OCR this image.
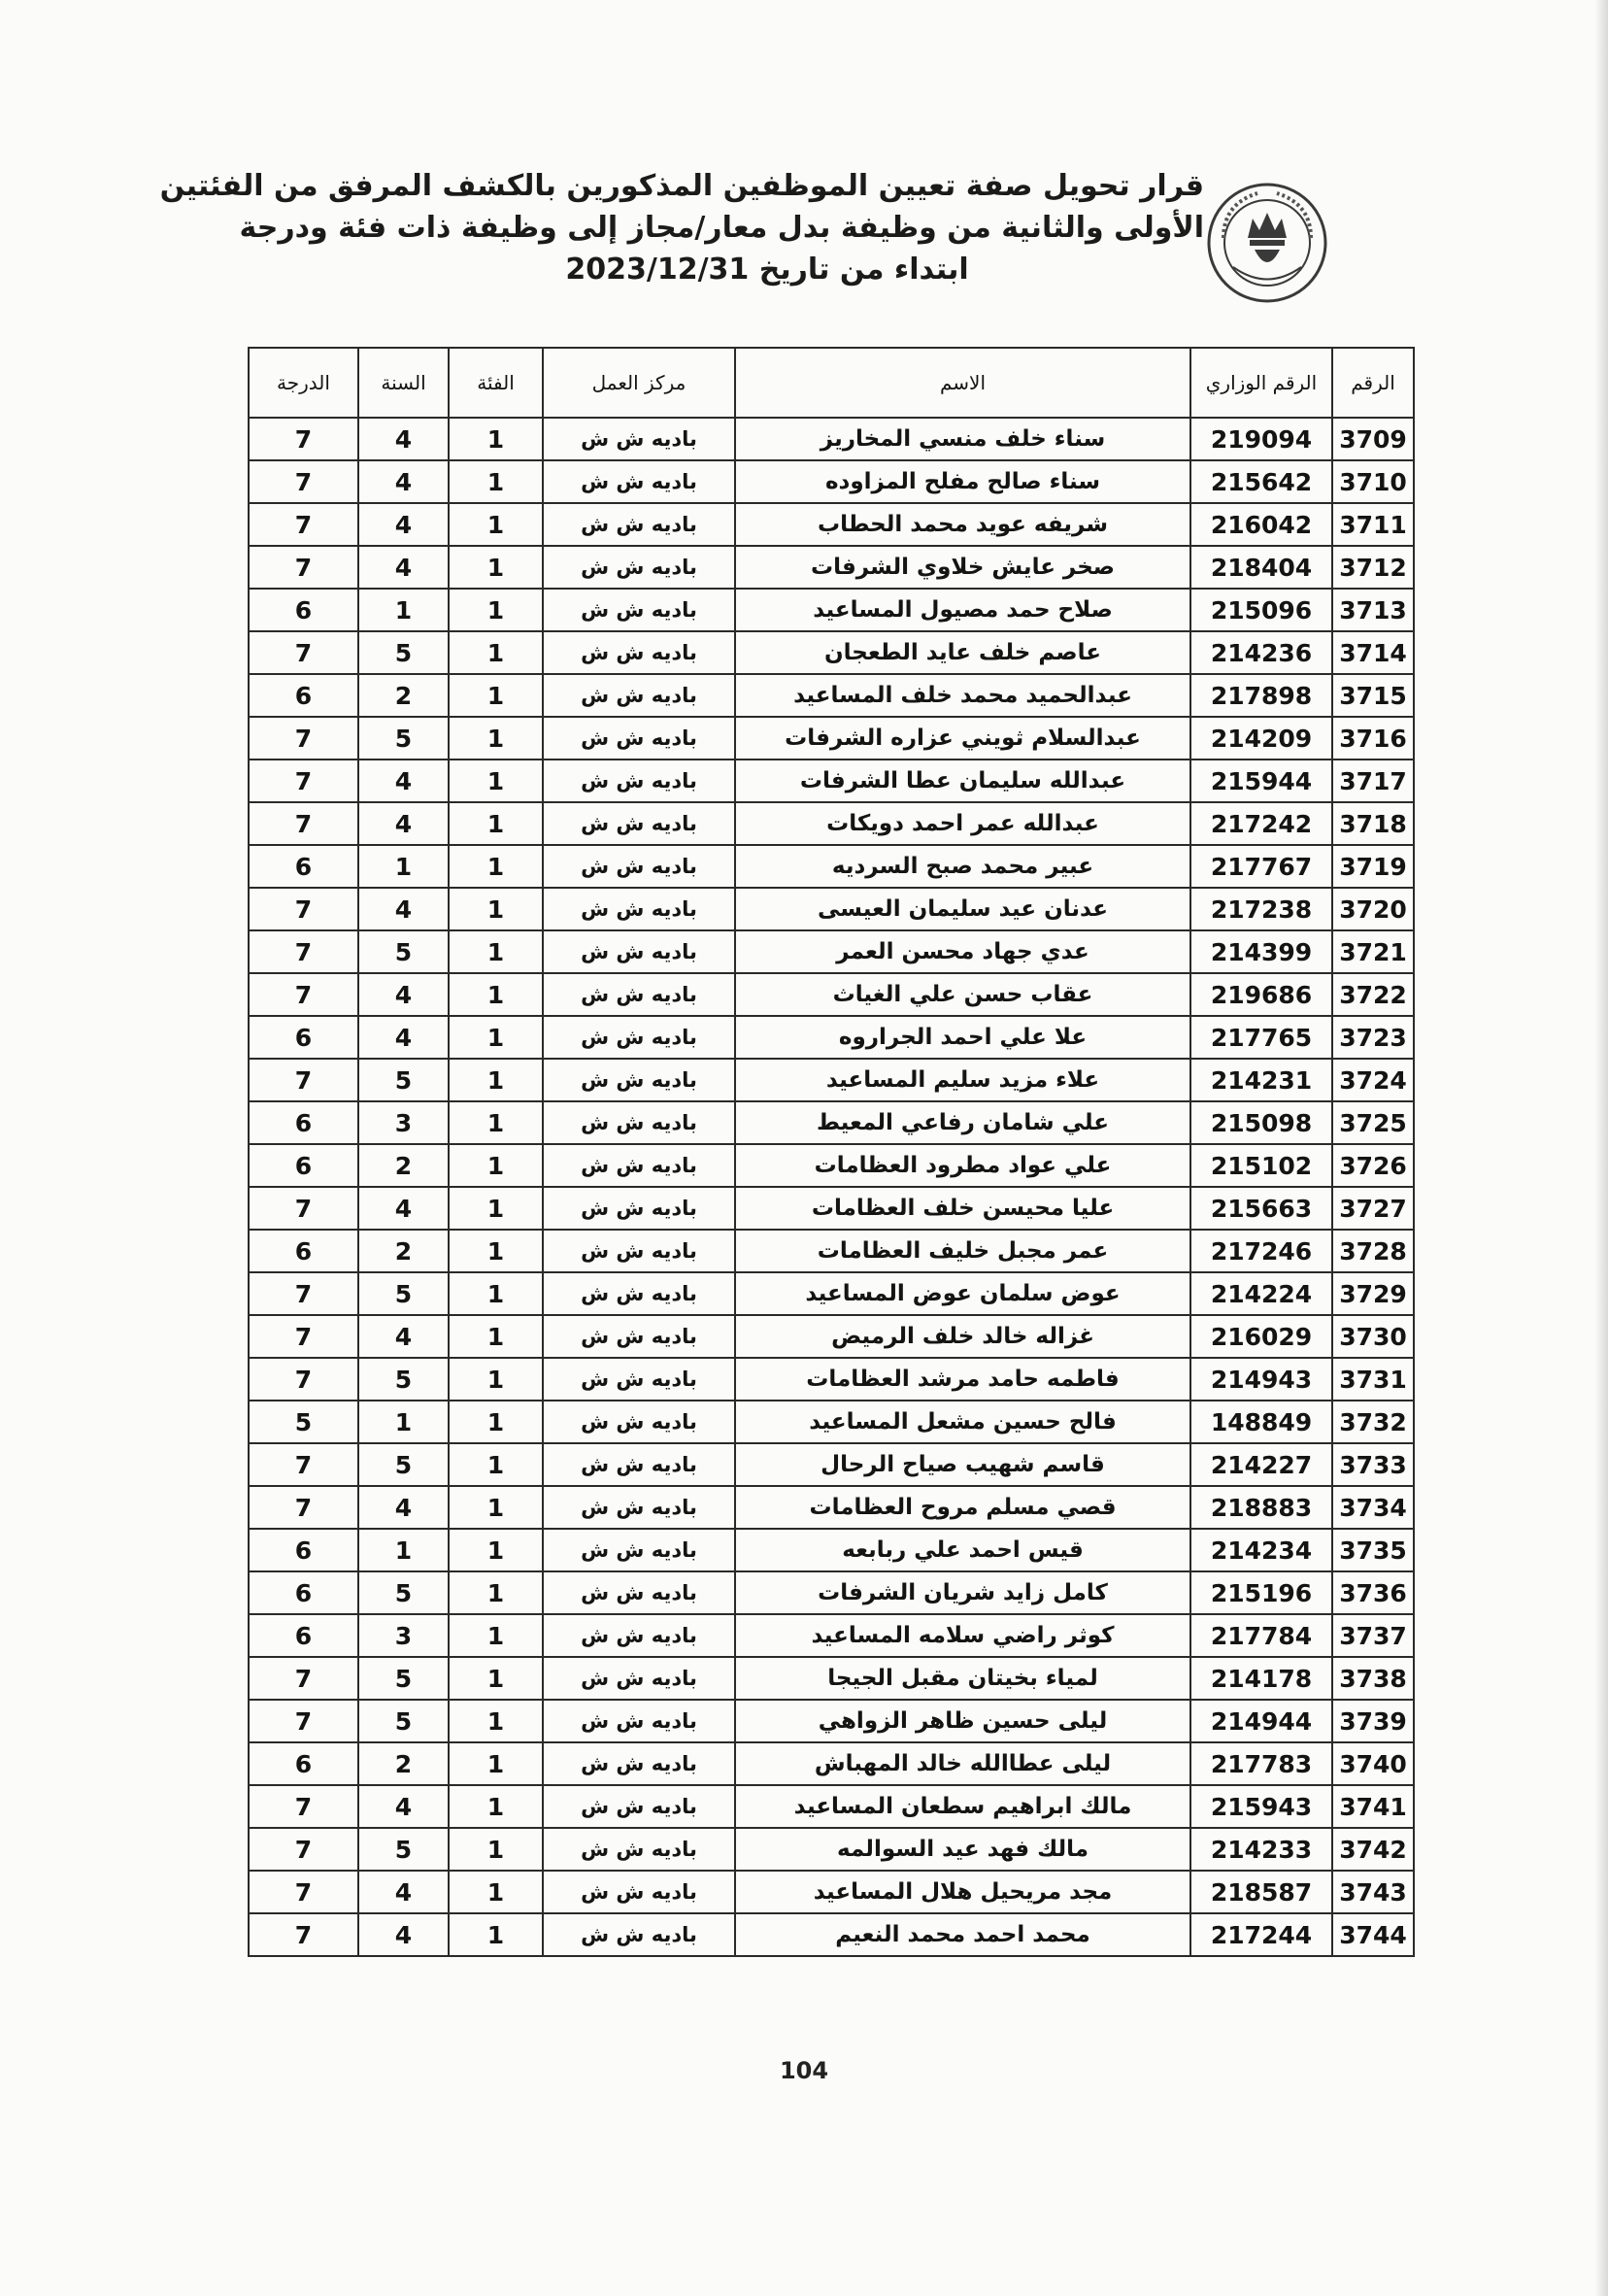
قرار تحويل صفة تعيين الموظفين المذكورين بالكشف المرفق من الفئتين
الأولى والثانية من وظيفة بدل معار/مجاز إلى وظيفة ذات فئة ودرجة
ابتداء من تاريخ 2023/12/31
الرقم	الرقم الوزاري	الاسم	مركز العمل	الفئة	السنة	الدرجة
3709	219094	سناء خلف منسي المخاريز	باديه ش ش	1	4	7
3710	215642	سناء صالح مفلح المزاوده	باديه ش ش	1	4	7
3711	216042	شريفه عويد محمد الحطاب	باديه ش ش	1	4	7
3712	218404	صخر عايش خلاوي الشرفات	باديه ش ش	1	4	7
3713	215096	صلاح حمد مصيول المساعيد	باديه ش ش	1	1	6
3714	214236	عاصم خلف عايد الطعجان	باديه ش ش	1	5	7
3715	217898	عبدالحميد محمد خلف المساعيد	باديه ش ش	1	2	6
3716	214209	عبدالسلام ثويني عزاره الشرفات	باديه ش ش	1	5	7
3717	215944	عبدالله سليمان عطا الشرفات	باديه ش ش	1	4	7
3718	217242	عبدالله عمر احمد دويكات	باديه ش ش	1	4	7
3719	217767	عبير محمد صبح السرديه	باديه ش ش	1	1	6
3720	217238	عدنان عيد سليمان العيسى	باديه ش ش	1	4	7
3721	214399	عدي جهاد محسن العمر	باديه ش ش	1	5	7
3722	219686	عقاب حسن علي الغياث	باديه ش ش	1	4	7
3723	217765	علا علي احمد الجراروه	باديه ش ش	1	4	6
3724	214231	علاء مزيد سليم المساعيد	باديه ش ش	1	5	7
3725	215098	علي شامان رفاعي المعيط	باديه ش ش	1	3	6
3726	215102	علي عواد مطرود العظامات	باديه ش ش	1	2	6
3727	215663	عليا محيسن خلف العظامات	باديه ش ش	1	4	7
3728	217246	عمر مجبل خليف العظامات	باديه ش ش	1	2	6
3729	214224	عوض سلمان عوض المساعيد	باديه ش ش	1	5	7
3730	216029	غزاله خالد خلف الرميض	باديه ش ش	1	4	7
3731	214943	فاطمه حامد مرشد العظامات	باديه ش ش	1	5	7
3732	148849	فالح حسين مشعل المساعيد	باديه ش ش	1	1	5
3733	214227	قاسم شهيب صياح الرحال	باديه ش ش	1	5	7
3734	218883	قصي مسلم مروح العظامات	باديه ش ش	1	4	7
3735	214234	قيس احمد علي ربابعه	باديه ش ش	1	1	6
3736	215196	كامل زايد شريان الشرفات	باديه ش ش	1	5	6
3737	217784	كوثر راضي سلامه المساعيد	باديه ش ش	1	3	6
3738	214178	لمياء بخيتان مقبل الجيجا	باديه ش ش	1	5	7
3739	214944	ليلى حسين ظاهر الزواهي	باديه ش ش	1	5	7
3740	217783	ليلى عطاالله خالد المهباش	باديه ش ش	1	2	6
3741	215943	مالك ابراهيم سطعان المساعيد	باديه ش ش	1	4	7
3742	214233	مالك فهد عيد السوالمه	باديه ش ش	1	5	7
3743	218587	مجد مريحيل هلال المساعيد	باديه ش ش	1	4	7
3744	217244	محمد احمد محمد النعيم	باديه ش ش	1	4	7
104
